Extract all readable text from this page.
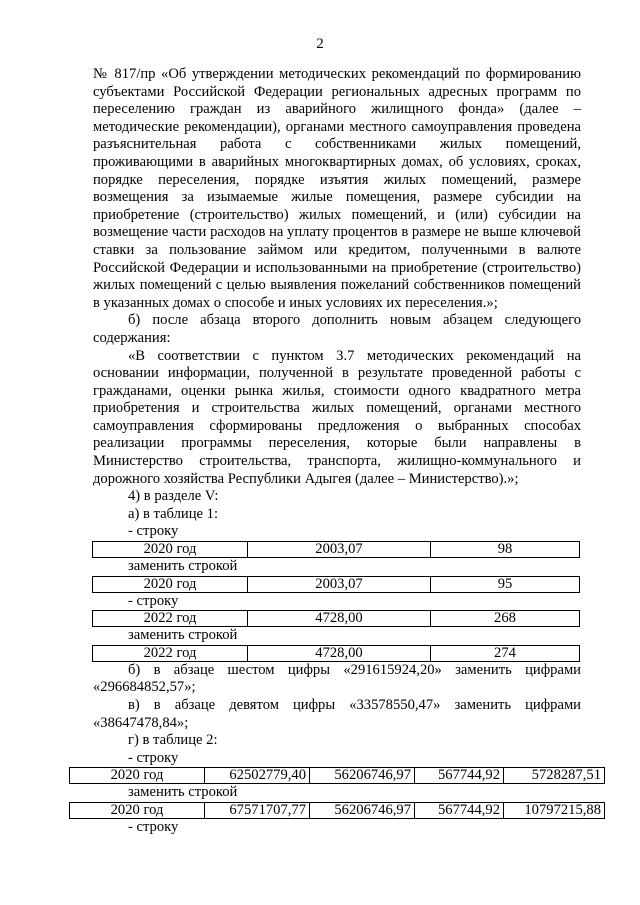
2

№ 817/пр «Об утверждении методических рекомендаций по формированию субъектами Российской Федерации региональных адресных программ по переселению граждан из аварийного жилищного фонда» (далее – методические рекомендации), органами местного самоуправления проведена разъяснительная работа с собственниками жилых помещений, проживающими в аварийных многоквартирных домах, об условиях, сроках, порядке переселения, порядке изъятия жилых помещений, размере возмещения за изымаемые жилые помещения, размере субсидии на приобретение (строительство) жилых помещений, и (или) субсидии на возмещение части расходов на уплату процентов в размере не выше ключевой ставки за пользование займом или кредитом, полученными в валюте Российской Федерации и использованными на приобретение (строительство) жилых помещений с целью выявления пожеланий собственников помещений в указанных домах о способе и иных условиях их переселения.»;

б) после абзаца второго дополнить новым абзацем следующего содержания:

«В соответствии с пунктом 3.7 методических рекомендаций на основании информации, полученной в результате проведенной работы с гражданами, оценки рынка жилья, стоимости одного квадратного метра приобретения и строительства жилых помещений, органами местного самоуправления сформированы предложения о выбранных способах реализации программы переселения, которые были направлены в Министерство строительства, транспорта, жилищно-коммунального и дорожного хозяйства Республики Адыгея (далее – Министерство).»;

4) в разделе V:

а) в таблице 1:

- строку

2020 год	2003,07	98

заменить строкой

2020 год	2003,07	95

- строку

2022 год	4728,00	268

заменить строкой

2022 год	4728,00	274

б) в абзаце шестом цифры «291615924,20» заменить цифрами «296684852,57»;

в) в абзаце девятом цифры «33578550,47» заменить цифрами «38647478,84»;

г) в таблице 2:

- строку

2020 год	62502779,40	56206746,97	567744,92	5728287,51

заменить строкой

2020 год	67571707,77	56206746,97	567744,92	10797215,88

- строку
